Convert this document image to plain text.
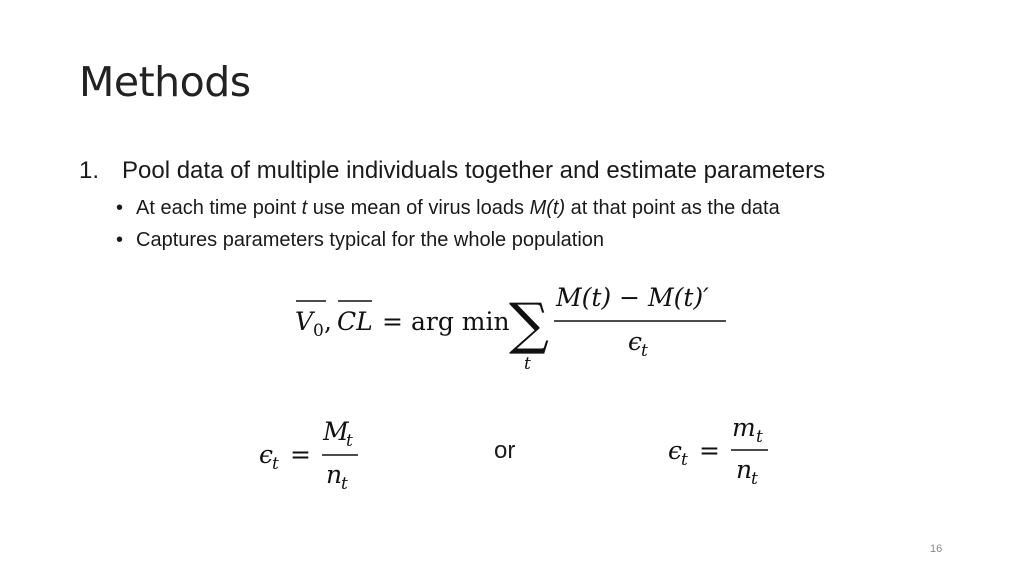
Methods
1. Pool data of multiple individuals together and estimate parameters
• At each time point t use mean of virus loads M(t) at that point as the data
• Captures parameters typical for the whole population
V 0 , CL = arg min ∑
t
M(t) − M(t)′
ϵ
t
ϵ
t =
M
t
n
t
or	ϵ
t =
m t
n
t
16
